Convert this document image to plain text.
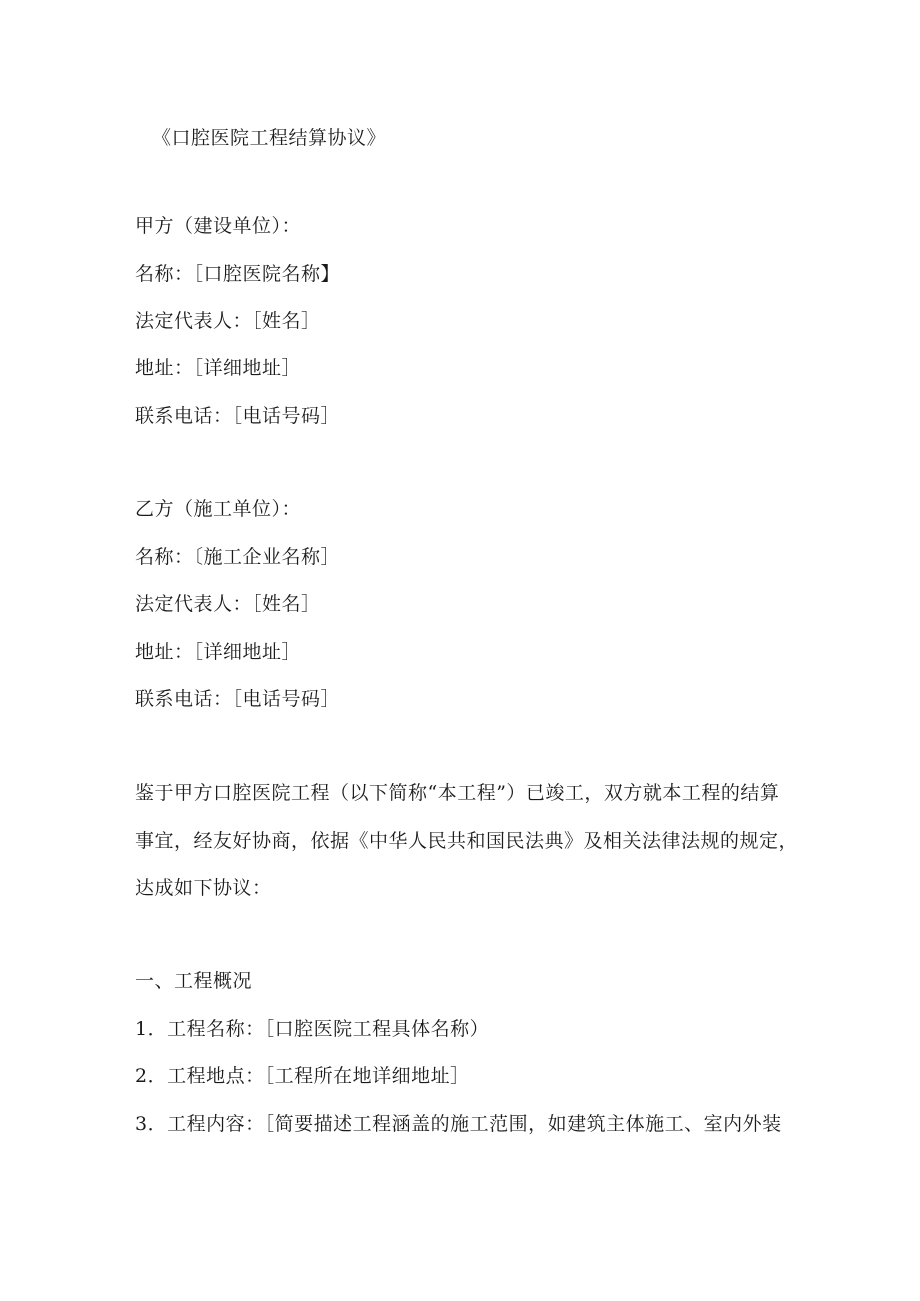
《口腔医院工程结算协议》
甲方（建设单位）：
名称：［口腔医院名称】
法定代表人：［姓名］
地址：［详细地址］
联系电话：［电话号码］
乙方（施工单位）：
名称：〔施工企业名称］
法定代表人：［姓名］
地址：［详细地址］
联系电话：［电话号码］
鉴于甲方口腔医院工程（以下简称“本工程”）已竣工，双方就本工程的结算
事宜，经友好协商，依据《中华人民共和国民法典》及相关法律法规的规定，
达成如下协议：
一、工程概况
1．工程名称：［口腔医院工程具体名称）
2．工程地点：［工程所在地详细地址］
3．工程内容：［简要描述工程涵盖的施工范围，如建筑主体施工、室内外装
